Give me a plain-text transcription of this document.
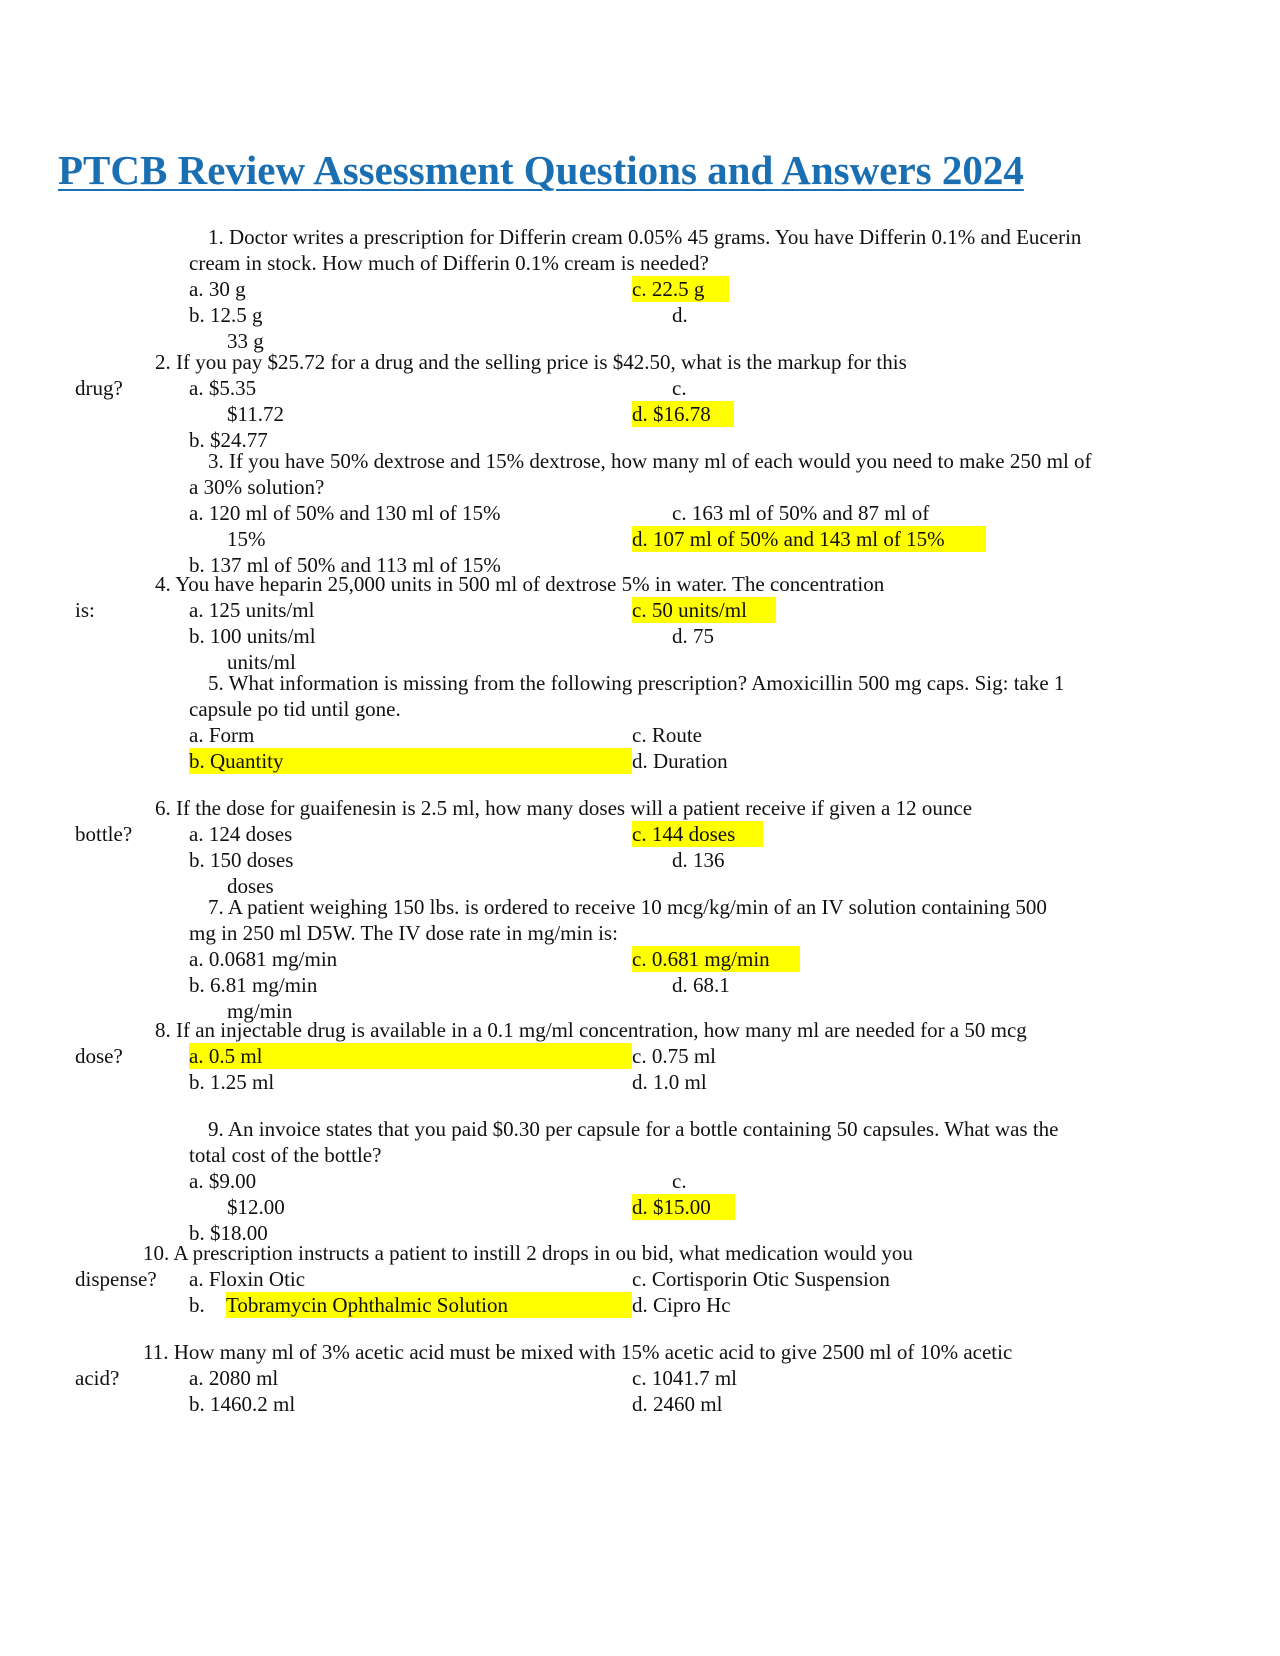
PTCB Review Assessment Questions and Answers 2024
1. Doctor writes a prescription for Differin cream 0.05% 45 grams. You have Differin 0.1% and Eucerin
cream in stock. How much of Differin 0.1% cream is needed?
a. 30 g	c. 22.5 g
b. 12.5 g	d.
33 g
2. If you pay $25.72 for a drug and the selling price is $42.50, what is the markup for this
drug?	a. $5.35	c.
$11.72	d. $16.78
b. $24.77
3. If you have 50% dextrose and 15% dextrose, how many ml of each would you need to make 250 ml of
a 30% solution?
a. 120 ml of 50% and 130 ml of 15%	c. 163 ml of 50% and 87 ml of
15%	d. 107 ml of 50% and 143 ml of 15%
b. 137 ml of 50% and 113 ml of 15%
4. You have heparin 25,000 units in 500 ml of dextrose 5% in water. The concentration
is:	a. 125 units/ml	c. 50 units/ml
b. 100 units/ml	d. 75
units/ml
5. What information is missing from the following prescription? Amoxicillin 500 mg caps. Sig: take 1
capsule po tid until gone.
a. Form	c. Route
b. Quantity	d. Duration
6. If the dose for guaifenesin is 2.5 ml, how many doses will a patient receive if given a 12 ounce
bottle?	a. 124 doses	c. 144 doses
b. 150 doses	d. 136
doses
7. A patient weighing 150 lbs. is ordered to receive 10 mcg/kg/min of an IV solution containing 500
mg in 250 ml D5W. The IV dose rate in mg/min is:
a. 0.0681 mg/min	c. 0.681 mg/min
b. 6.81 mg/min	d. 68.1
mg/min
8. If an injectable drug is available in a 0.1 mg/ml concentration, how many ml are needed for a 50 mcg
dose?	a. 0.5 ml	c. 0.75 ml
b. 1.25 ml	d. 1.0 ml
9. An invoice states that you paid $0.30 per capsule for a bottle containing 50 capsules. What was the
total cost of the bottle?
a. $9.00	c.
$12.00	d. $15.00
b. $18.00
10. A prescription instructs a patient to instill 2 drops in ou bid, what medication would you
dispense? a. Floxin Otic	c. Cortisporin Otic Suspension
b. Tobramycin Ophthalmic Solution	d. Cipro Hc
11. How many ml of 3% acetic acid must be mixed with 15% acetic acid to give 2500 ml of 10% acetic
acid?	a. 2080 ml	c. 1041.7 ml
b. 1460.2 ml	d. 2460 ml
